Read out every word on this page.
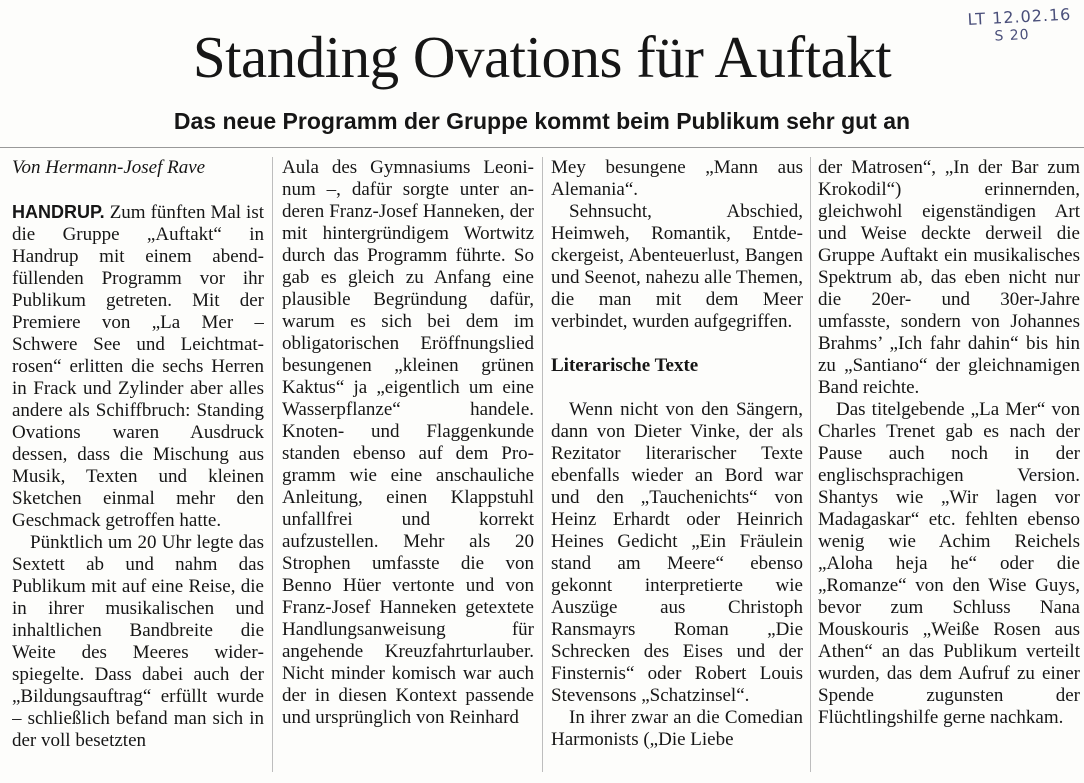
LT 12.02.16
S 20
Standing Ovations für Auftakt
Das neue Programm der Gruppe kommt beim Publikum sehr gut an

Von Hermann-Josef Rave

HANDRUP. Zum fünften Mal ist die Gruppe „Auftakt“ in Handrup mit einem abendfüllenden Programm vor ihr Publikum getreten. Mit der Premiere von „La Mer – Schwere See und Leichtmatrosen“ erlitten die sechs Herren in Frack und Zylinder aber alles andere als Schiffbruch: Standing Ovations waren Ausdruck dessen, dass die Mischung aus Musik, Texten und kleinen Sketchen einmal mehr den Geschmack getroffen hatte.

Pünktlich um 20 Uhr legte das Sextett ab und nahm das Publikum mit auf eine Reise, die in ihrer musikalischen und inhaltlichen Bandbreite die Weite des Meeres widerspiegelte. Dass dabei auch der „Bildungsauftrag“ erfüllt wurde – schließlich befand man sich in der voll besetzten

Aula des Gymnasiums Leoninum –, dafür sorgte unter anderen Franz-Josef Hanneken, der mit hintergründigem Wortwitz durch das Programm führte. So gab es gleich zu Anfang eine plausible Begründung dafür, warum es sich bei dem im obligatorischen Eröffnungslied besungenen „kleinen grünen Kaktus“ ja „eigentlich um eine Wasserpflanze“ handele. Knoten- und Flaggenkunde standen ebenso auf dem Programm wie eine anschauliche Anleitung, einen Klappstuhl unfallfrei und korrekt aufzustellen. Mehr als 20 Strophen umfasste die von Benno Hüer vertonte und von Franz-Josef Hanneken getextete Handlungsanweisung für angehende Kreuzfahrturlauber. Nicht minder komisch war auch der in diesen Kontext passende und ursprünglich von Reinhard

Mey besungene „Mann aus Alemania“.

Sehnsucht, Abschied, Heimweh, Romantik, Entdeckergeist, Abenteuerlust, Bangen und Seenot, nahezu alle Themen, die man mit dem Meer verbindet, wurden aufgegriffen.

Literarische Texte

Wenn nicht von den Sängern, dann von Dieter Vinke, der als Rezitator literarischer Texte ebenfalls wieder an Bord war und den „Tauchenichts“ von Heinz Erhardt oder Heinrich Heines Gedicht „Ein Fräulein stand am Meere“ ebenso gekonnt interpretierte wie Auszüge aus Christoph Ransmayrs Roman „Die Schrecken des Eises und der Finsternis“ oder Robert Louis Stevensons „Schatzinsel“.

In ihrer zwar an die Comedian Harmonists („Die Liebe

der Matrosen“, „In der Bar zum Krokodil“) erinnernden, gleichwohl eigenständigen Art und Weise deckte derweil die Gruppe Auftakt ein musikalisches Spektrum ab, das eben nicht nur die 20er- und 30er-Jahre umfasste, sondern von Johannes Brahms’ „Ich fahr dahin“ bis hin zu „Santiano“ der gleichnamigen Band reichte.

Das titelgebende „La Mer“ von Charles Trenet gab es nach der Pause auch noch in der englischsprachigen Version. Shantys wie „Wir lagen vor Madagaskar“ etc. fehlten ebenso wenig wie Achim Reichels „Aloha heja he“ oder die „Romanze“ von den Wise Guys, bevor zum Schluss Nana Mouskouris „Weiße Rosen aus Athen“ an das Publikum verteilt wurden, das dem Aufruf zu einer Spende zugunsten der Flüchtlingshilfe gerne nachkam.
